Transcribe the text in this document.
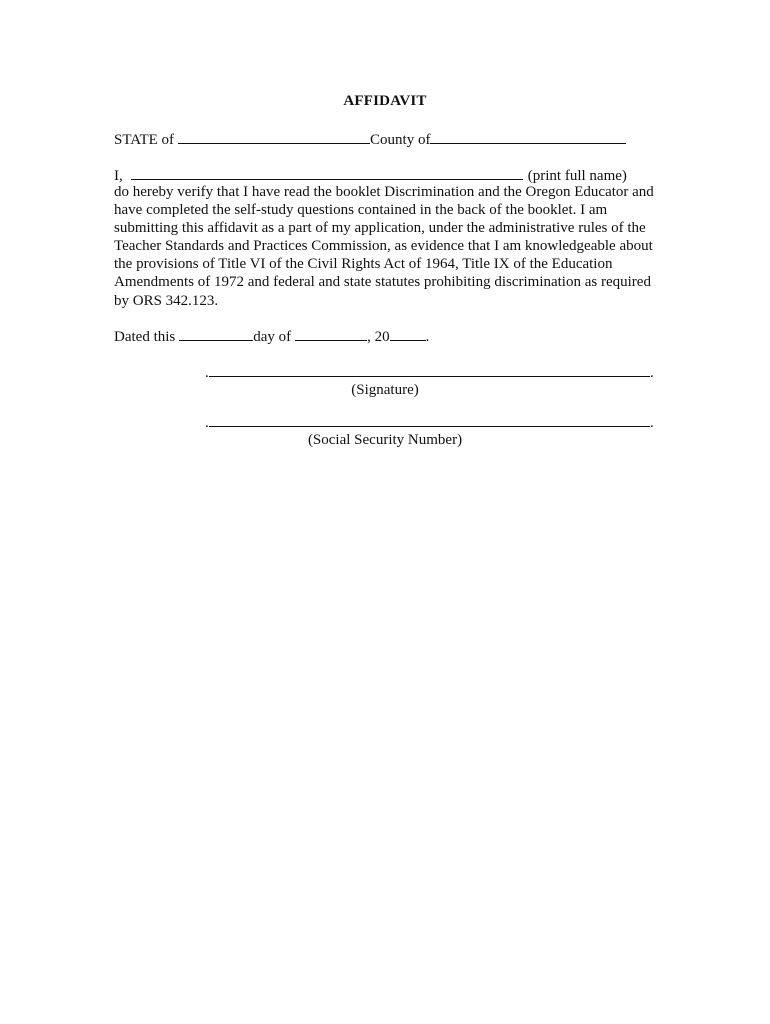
AFFIDAVIT
STATE of	County of
I,	(print full name)
do hereby verify that I have read the booklet Discrimination and the Oregon Educator and
have completed the self-study questions contained in the back of the booklet. I am
submitting this affidavit as a part of my application, under the administrative rules of the
Teacher Standards and Practices Commission, as evidence that I am knowledgeable about
the provisions of Title VI of the Civil Rights Act of 1964, Title IX of the Education
Amendments of 1972 and federal and state statutes prohibiting discrimination as required
by ORS 342.123.
Dated this	day of	, 20 .
.	.
(Signature)
.	.
(Social Security Number)
